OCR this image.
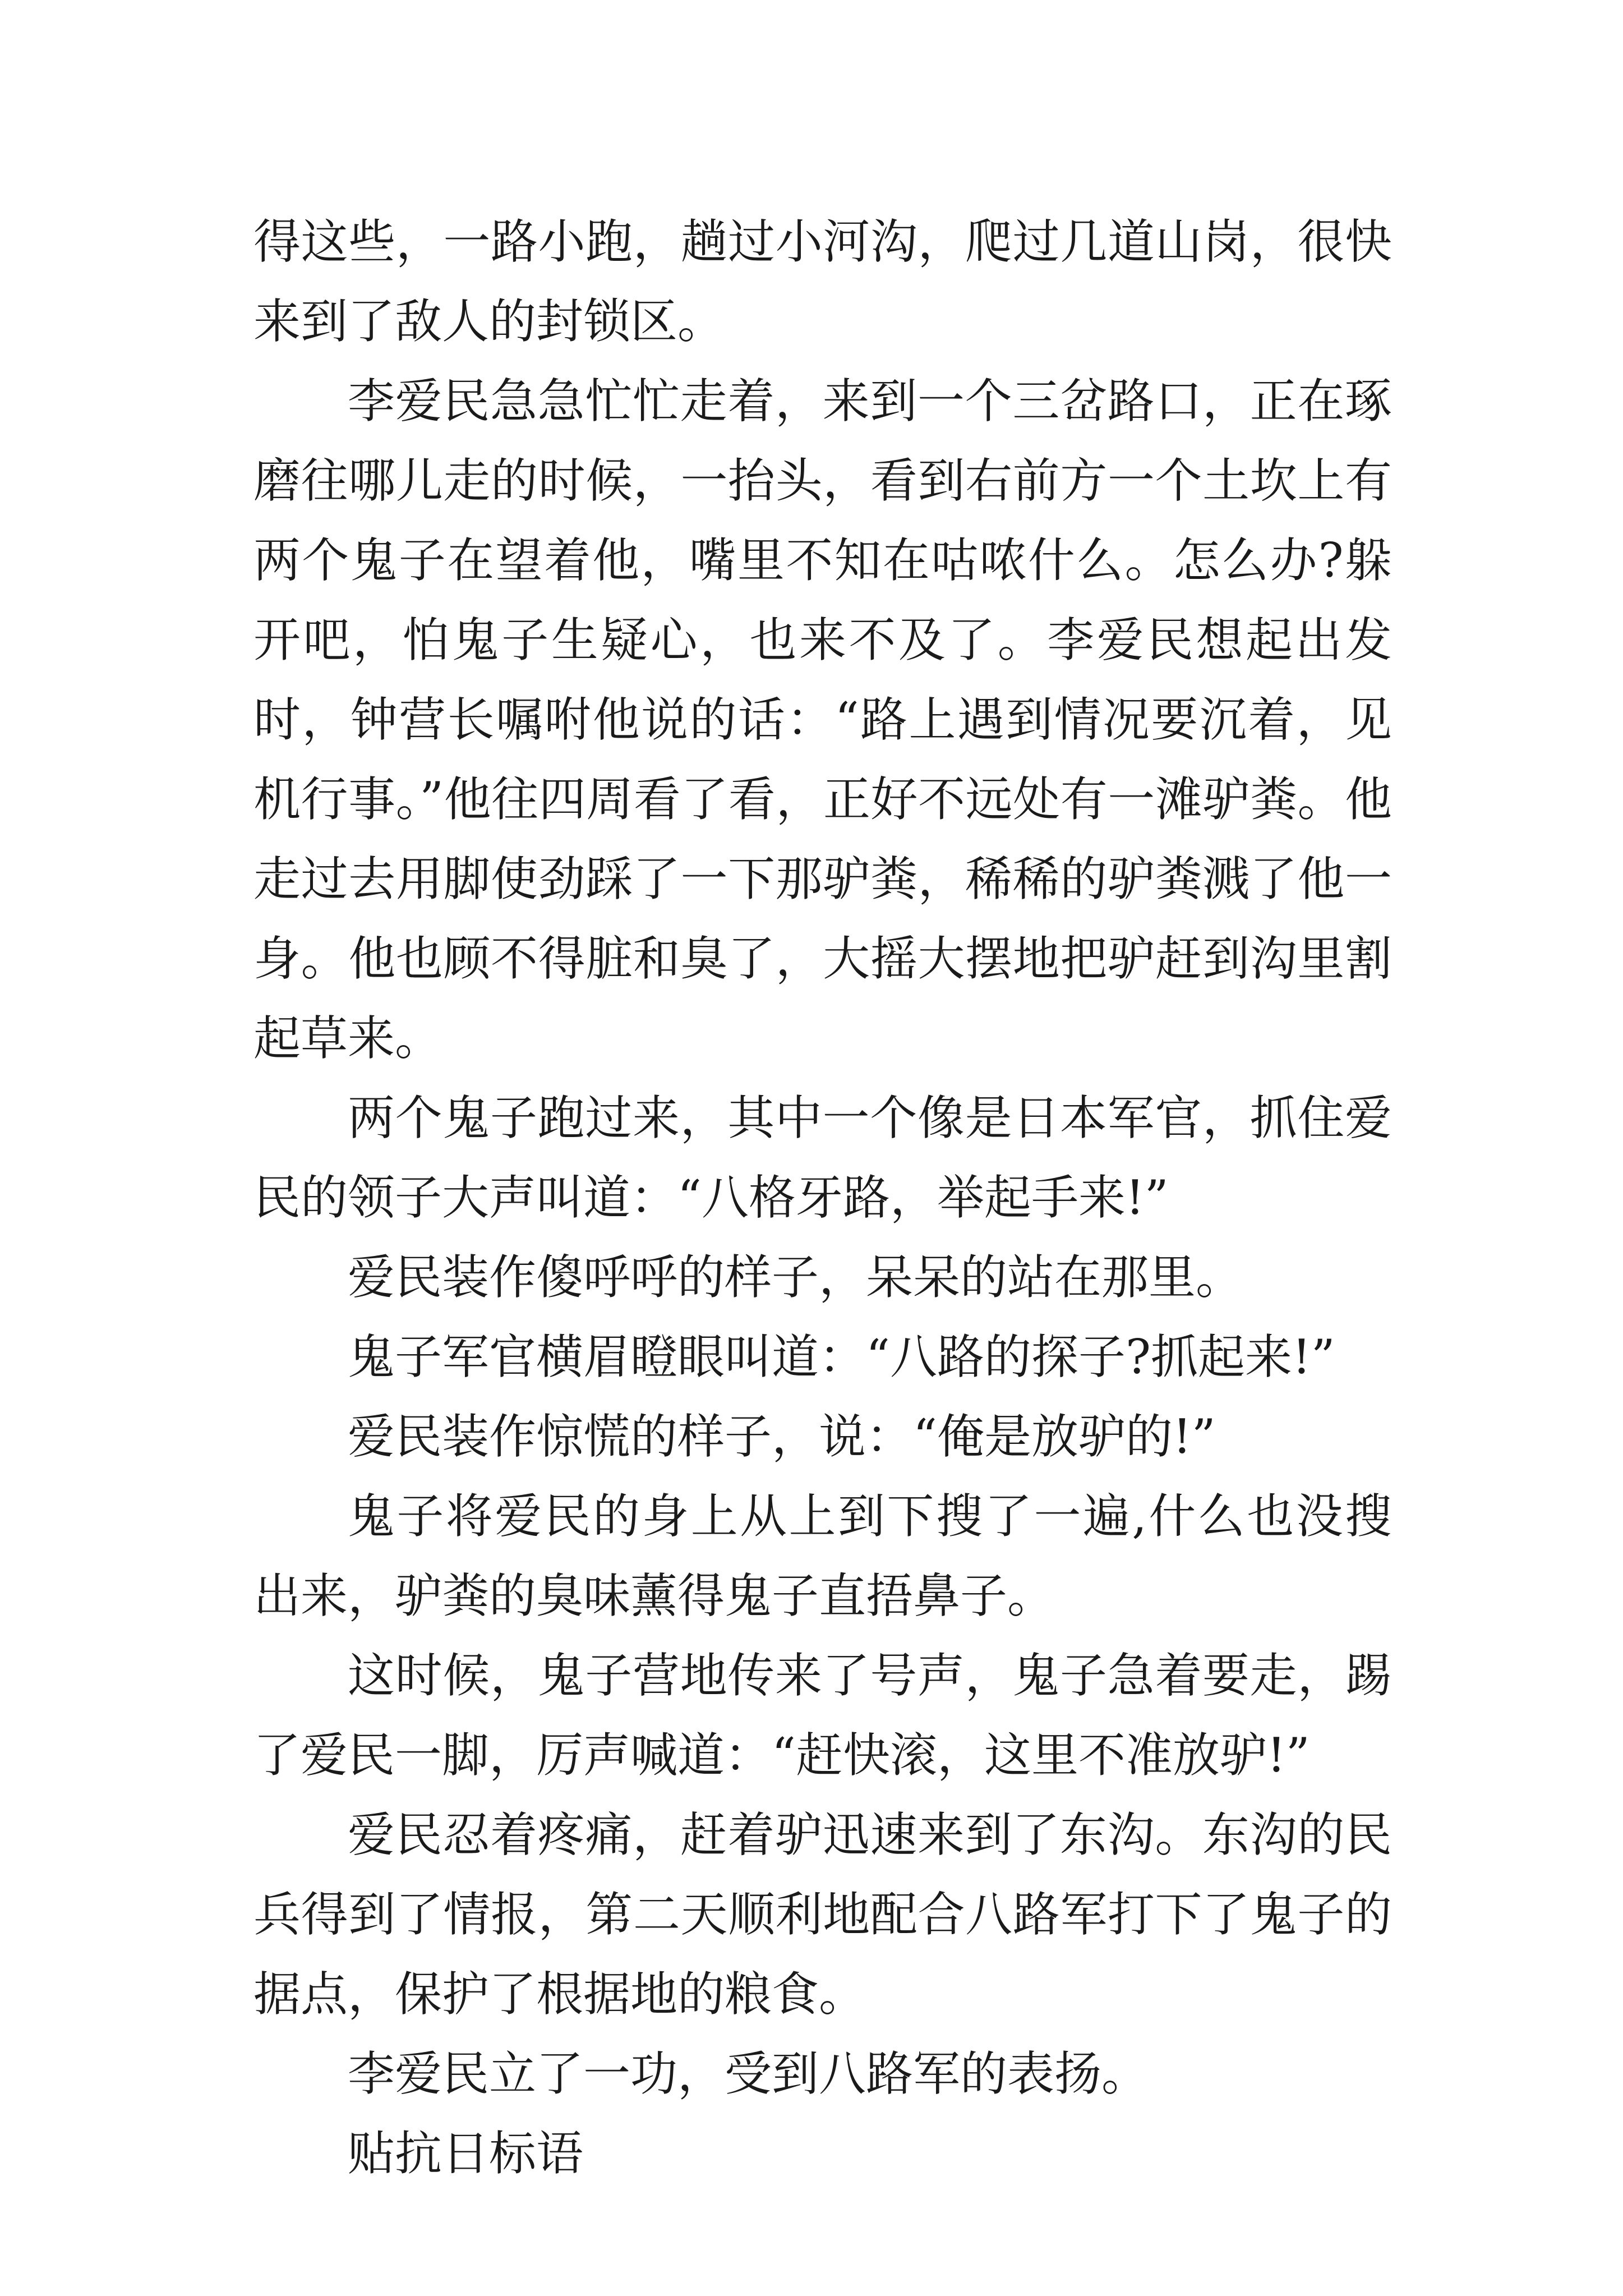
得这些，一路小跑，趟过小河沟，爬过几道山岗，很快来到了敌人的封锁区。

李爱民急急忙忙走着，来到一个三岔路口，正在琢磨往哪儿走的时候，一抬头，看到右前方一个土坎上有两个鬼子在望着他，嘴里不知在咕哝什么。怎么办?躲开吧，怕鬼子生疑心，也来不及了。李爱民想起出发时，钟营长嘱咐他说的话：“路上遇到情况要沉着，见机行事。”他往四周看了看，正好不远处有一滩驴粪。他走过去用脚使劲踩了一下那驴粪，稀稀的驴粪溅了他一身。他也顾不得脏和臭了，大摇大摆地把驴赶到沟里割起草来。

两个鬼子跑过来，其中一个像是日本军官，抓住爱民的领子大声叫道：“八格牙路，举起手来!”

爱民装作傻呼呼的样子，呆呆的站在那里。

鬼子军官横眉瞪眼叫道：“八路的探子?抓起来!”

爱民装作惊慌的样子，说：“俺是放驴的!”

鬼子将爱民的身上从上到下搜了一遍,什么也没搜出来，驴粪的臭味薰得鬼子直捂鼻子。

这时候，鬼子营地传来了号声，鬼子急着要走，踢了爱民一脚，厉声喊道：“赶快滚，这里不准放驴!”

爱民忍着疼痛，赶着驴迅速来到了东沟。东沟的民兵得到了情报，第二天顺利地配合八路军打下了鬼子的据点，保护了根据地的粮食。

李爱民立了一功，受到八路军的表扬。

贴抗日标语
